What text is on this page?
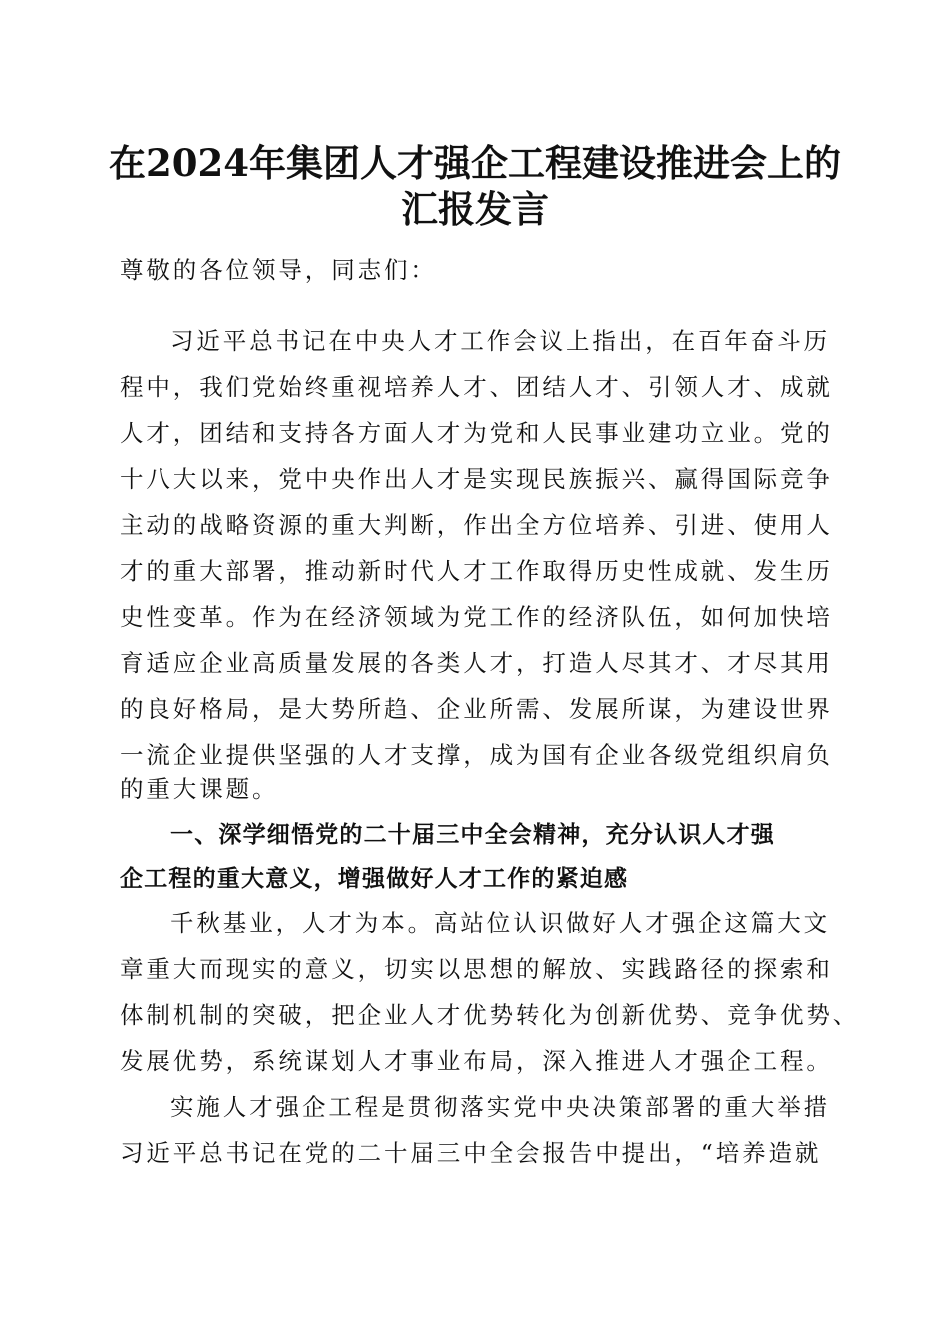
在2024年集团人才强企工程建设推进会上的
汇报发言
尊敬的各位领导，同志们：
习近平总书记在中央人才工作会议上指出，在百年奋斗历
程中，我们党始终重视培养人才、团结人才、引领人才、成就
人才，团结和支持各方面人才为党和人民事业建功立业。党的
十八大以来，党中央作出人才是实现民族振兴、赢得国际竞争
主动的战略资源的重大判断，作出全方位培养、引进、使用人
才的重大部署，推动新时代人才工作取得历史性成就、发生历
史性变革。作为在经济领域为党工作的经济队伍，如何加快培
育适应企业高质量发展的各类人才，打造人尽其才、才尽其用
的良好格局，是大势所趋、企业所需、发展所谋，为建设世界
一流企业提供坚强的人才支撑，成为国有企业各级党组织肩负
的重大课题。
一、深学细悟党的二十届三中全会精神，充分认识人才强
企工程的重大意义，增强做好人才工作的紧迫感
千秋基业，人才为本。高站位认识做好人才强企这篇大文
章重大而现实的意义，切实以思想的解放、实践路径的探索和
体制机制的突破，把企业人才优势转化为创新优势、竞争优势、
发展优势，系统谋划人才事业布局，深入推进人才强企工程。
实施人才强企工程是贯彻落实党中央决策部署的重大举措
习近平总书记在党的二十届三中全会报告中提出，“培养造就
